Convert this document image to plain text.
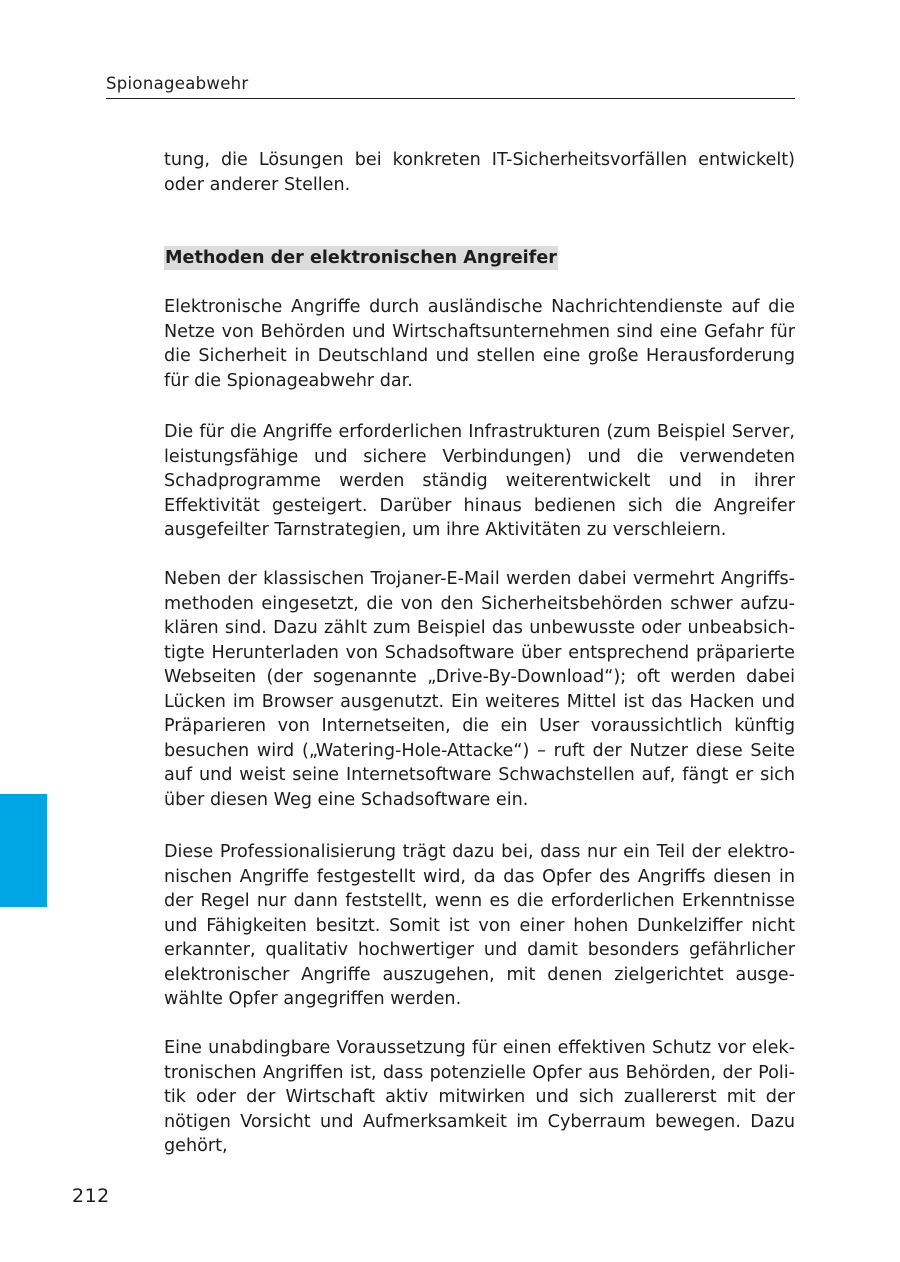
Spionageabwehr

tung, die Lösungen bei konkreten IT-Sicherheitsvorfällen entwickelt) oder anderer Stellen.

Methoden der elektronischen Angreifer

Elektronische Angriffe durch ausländische Nachrichtendienste auf die Netze von Behörden und Wirtschaftsunternehmen sind eine Gefahr für die Sicherheit in Deutschland und stellen eine große Herausforderung für die Spionageabwehr dar.

Die für die Angriffe erforderlichen Infrastrukturen (zum Beispiel Server, leistungsfähige und sichere Verbindungen) und die verwendeten Schadprogramme werden ständig weiterentwickelt und in ihrer Effektivität gesteigert. Darüber hinaus bedienen sich die Angreifer ausgefeilter Tarnstrategien, um ihre Aktivitäten zu verschleiern.

Neben der klassischen Trojaner-E-Mail werden dabei vermehrt Angriffsmethoden eingesetzt, die von den Sicherheitsbehörden schwer aufzuklären sind. Dazu zählt zum Beispiel das unbewusste oder unbeabsichtigte Herunterladen von Schadsoftware über entsprechend präparierte Webseiten (der sogenannte „Drive-By-Download“); oft werden dabei Lücken im Browser ausgenutzt. Ein weiteres Mittel ist das Hacken und Präparieren von Internetseiten, die ein User voraussichtlich künftig besuchen wird („Watering-Hole-Attacke“) – ruft der Nutzer diese Seite auf und weist seine Internetsoftware Schwachstellen auf, fängt er sich über diesen Weg eine Schadsoftware ein.

Diese Professionalisierung trägt dazu bei, dass nur ein Teil der elektronischen Angriffe festgestellt wird, da das Opfer des Angriffs diesen in der Regel nur dann feststellt, wenn es die erforderlichen Erkenntnisse und Fähigkeiten besitzt. Somit ist von einer hohen Dunkelziffer nicht erkannter, qualitativ hochwertiger und damit besonders gefährlicher elektronischer Angriffe auszugehen, mit denen zielgerichtet ausgewählte Opfer angegriffen werden.

Eine unabdingbare Voraussetzung für einen effektiven Schutz vor elektronischen Angriffen ist, dass potenzielle Opfer aus Behörden, der Politik oder der Wirtschaft aktiv mitwirken und sich zuallererst mit der nötigen Vorsicht und Aufmerksamkeit im Cyberraum bewegen. Dazu gehört,

212
